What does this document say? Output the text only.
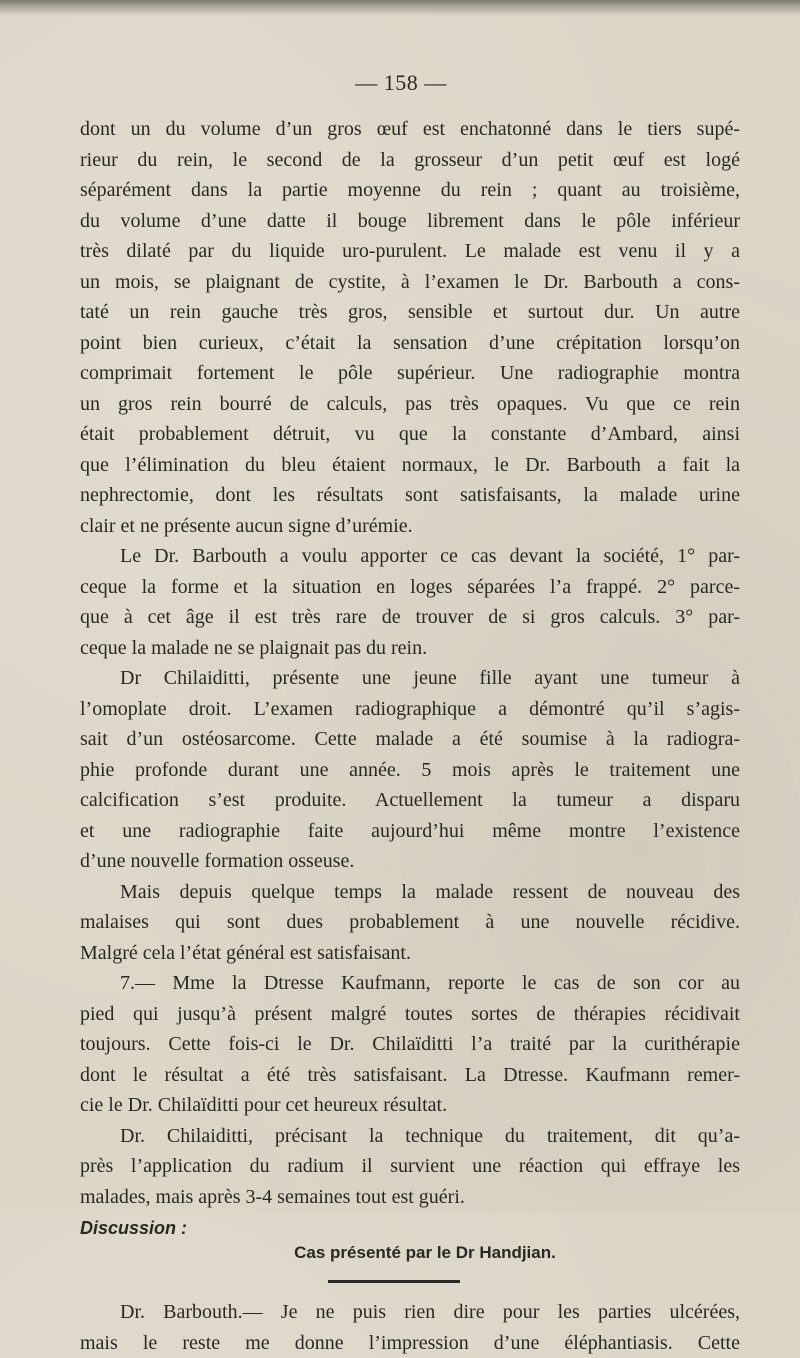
— 158 —
dont un du volume d’un gros œuf est enchatonné dans le tiers supé-
rieur du rein, le second de la grosseur d’un petit œuf est logé
séparément dans la partie moyenne du rein ; quant au troisième,
du volume d’une datte il bouge librement dans le pôle inférieur
très dilaté par du liquide uro-purulent. Le malade est venu il y a
un mois, se plaignant de cystite, à l’examen le Dr. Barbouth a cons-
taté un rein gauche très gros, sensible et surtout dur. Un autre
point bien curieux, c’était la sensation d’une crépitation lorsqu’on
comprimait fortement le pôle supérieur. Une radiographie montra
un gros rein bourré de calculs, pas très opaques. Vu que ce rein
était probablement détruit, vu que la constante d’Ambard, ainsi
que l’élimination du bleu étaient normaux, le Dr. Barbouth a fait la
nephrectomie, dont les résultats sont satisfaisants, la malade urine
clair et ne présente aucun signe d’urémie.
Le Dr. Barbouth a voulu apporter ce cas devant la société, 1° par-
ceque la forme et la situation en loges séparées l’a frappé. 2° parce-
que à cet âge il est très rare de trouver de si gros calculs. 3° par-
ceque la malade ne se plaignait pas du rein.
Dr Chilaiditti, présente une jeune fille ayant une tumeur à
l’omoplate droit. L’examen radiographique a démontré qu’il s’agis-
sait d’un ostéosarcome. Cette malade a été soumise à la radiogra-
phie profonde durant une année. 5 mois après le traitement une
calcification s’est produite. Actuellement la tumeur a disparu
et une radiographie faite aujourd’hui même montre l’existence
d’une nouvelle formation osseuse.
Mais depuis quelque temps la malade ressent de nouveau des
malaises qui sont dues probablement à une nouvelle récidive.
Malgré cela l’état général est satisfaisant.
7.— Mme la Dtresse Kaufmann, reporte le cas de son cor au
pied qui jusqu’à présent malgré toutes sortes de thérapies récidivait
toujours. Cette fois-ci le Dr. Chilaïditti l’a traité par la curithérapie
dont le résultat a été très satisfaisant. La Dtresse. Kaufmann remer-
cie le Dr. Chilaïditti pour cet heureux résultat.
Dr. Chilaiditti, précisant la technique du traitement, dit qu’a-
près l’application du radium il survient une réaction qui effraye les
malades, mais après 3-4 semaines tout est guéri.
Discussion :
Cas présenté par le Dr Handjian.
Dr. Barbouth.— Je ne puis rien dire pour les parties ulcérées,
mais le reste me donne l’impression d’une éléphantiasis. Cette
